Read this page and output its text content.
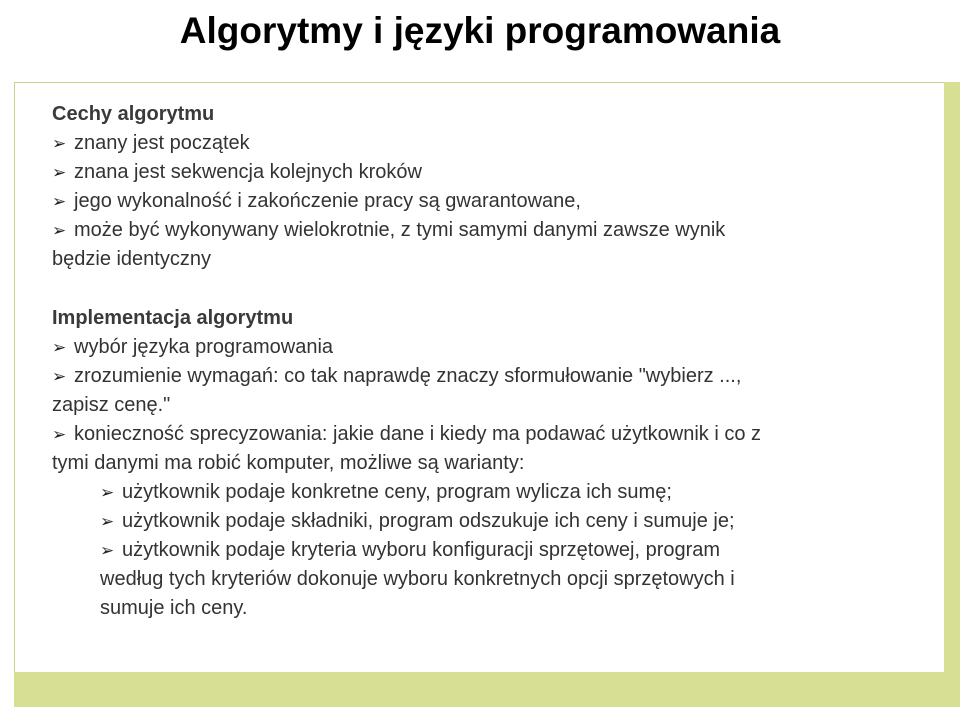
Algorytmy i języki programowania
Cechy algorytmu
➢ znany jest początek
➢ znana jest sekwencja kolejnych kroków
➢ jego wykonalność i zakończenie pracy są gwarantowane,
➢ może być wykonywany wielokrotnie, z tymi samymi danymi zawsze wynik
będzie identyczny
Implementacja algorytmu
➢ wybór języka programowania
➢ zrozumienie wymagań: co tak naprawdę znaczy sformułowanie "wybierz ...,
zapisz cenę."
➢ konieczność sprecyzowania: jakie dane i kiedy ma podawać użytkownik i co z
tymi danymi ma robić komputer, możliwe są warianty:
➢ użytkownik podaje konkretne ceny, program wylicza ich sumę;
➢ użytkownik podaje składniki, program odszukuje ich ceny i sumuje je;
➢ użytkownik podaje kryteria wyboru konfiguracji sprzętowej, program
według tych kryteriów dokonuje wyboru konkretnych opcji sprzętowych i
sumuje ich ceny.
